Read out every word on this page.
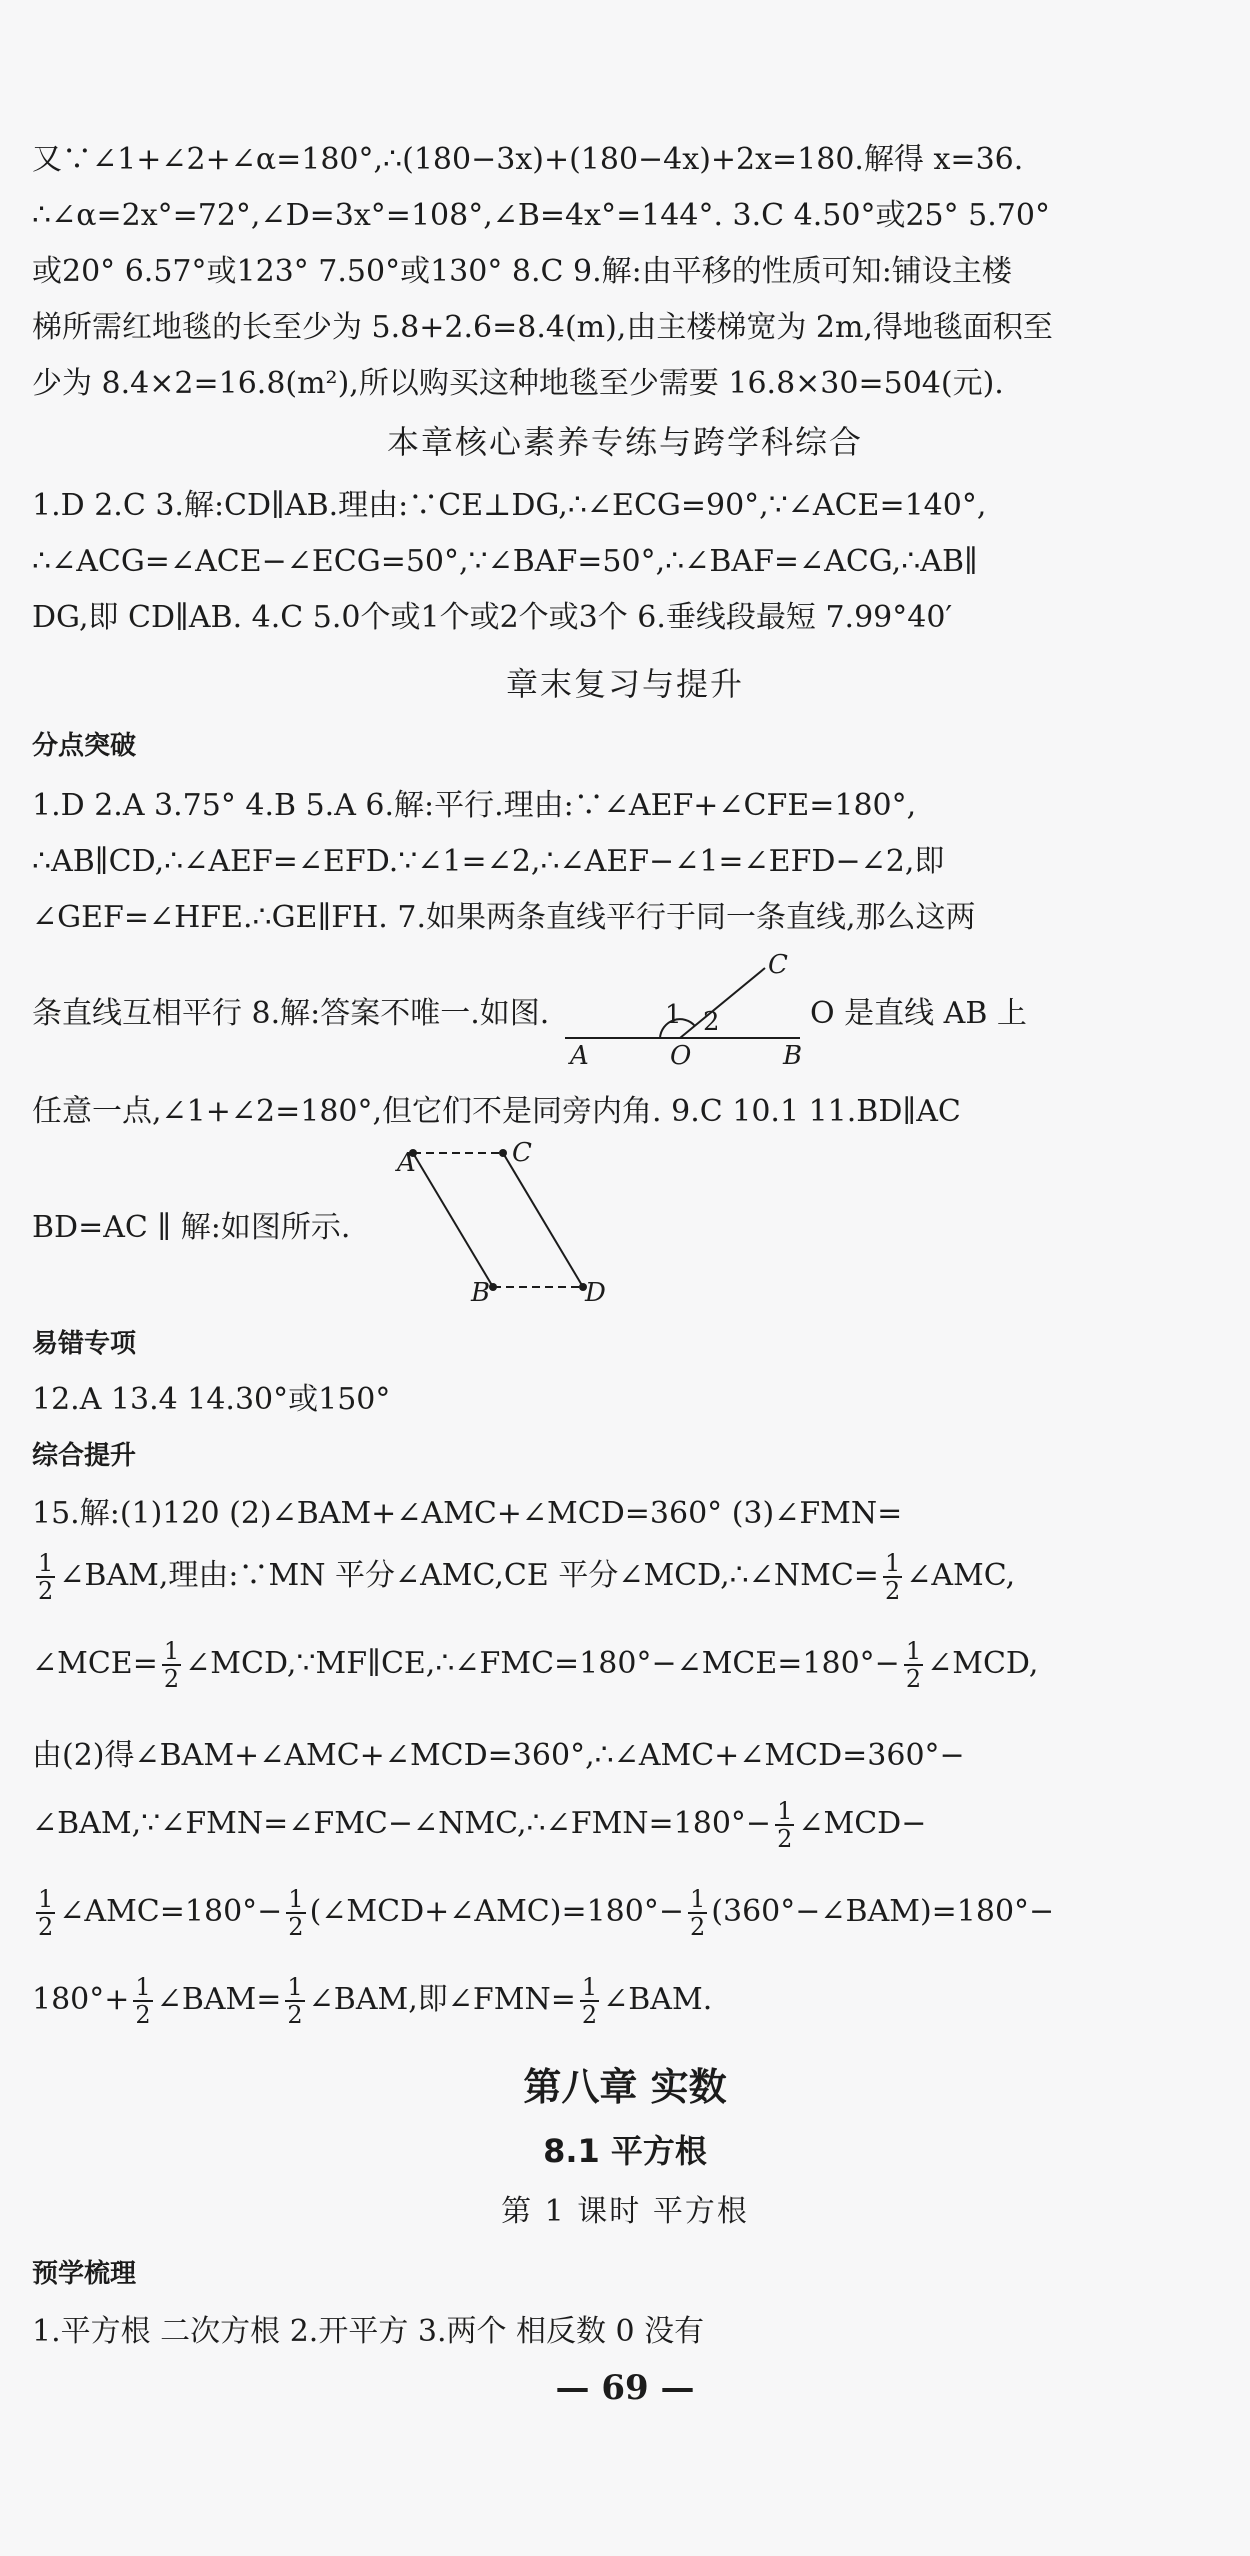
又∵∠1+∠2+∠α=180°,∴(180−3x)+(180−4x)+2x=180.解得 x=36.
∴∠α=2x°=72°,∠D=3x°=108°,∠B=4x°=144°. 3.C 4.50°或25° 5.70°
或20° 6.57°或123° 7.50°或130° 8.C 9.解:由平移的性质可知:铺设主楼
梯所需红地毯的长至少为 5.8+2.6=8.4(m),由主楼梯宽为 2m,得地毯面积至
少为 8.4×2=16.8(m²),所以购买这种地毯至少需要 16.8×30=504(元).
本章核心素养专练与跨学科综合
1.D 2.C 3.解:CD∥AB.理由:∵CE⊥DG,∴∠ECG=90°,∵∠ACE=140°,
∴∠ACG=∠ACE−∠ECG=50°,∵∠BAF=50°,∴∠BAF=∠ACG,∴AB∥
DG,即 CD∥AB. 4.C 5.0个或1个或2个或3个 6.垂线段最短 7.99°40′
章末复习与提升
分点突破
1.D 2.A 3.75° 4.B 5.A 6.解:平行.理由:∵∠AEF+∠CFE=180°,
∴AB∥CD,∴∠AEF=∠EFD.∵∠1=∠2,∴∠AEF−∠1=∠EFD−∠2,即
∠GEF=∠HFE.∴GE∥FH. 7.如果两条直线平行于同一条直线,那么这两
条直线互相平行 8.解:答案不唯一.如图.	O 是直线 AB 上
A	O	B
C
1 2
任意一点,∠1+∠2=180°,但它们不是同旁内角. 9.C 10.1 11.BD∥AC
A	C
B	D
BD=AC ∥ 解:如图所示.
易错专项
12.A 13.4 14.30°或150°
综合提升
15.解:(1)120 (2)∠BAM+∠AMC+∠MCD=360° (3)∠FMN=
$\frac{1}{2}$ ∠BAM,理由:∵MN 平分∠AMC,CE 平分∠MCD,∴∠NMC= $\frac{1}{2}$ ∠AMC,
∠MCE= $\frac{1}{2}$ ∠MCD,∵MF∥CE,∴∠FMC=180°−∠MCE=180°− $\frac{1}{2}$ ∠MCD,
由(2)得∠BAM+∠AMC+∠MCD=360°,∴∠AMC+∠MCD=360°−
∠BAM,∵∠FMN=∠FMC−∠NMC,∴∠FMN=180°− $\frac{1}{2}$ ∠MCD−
$\frac{1}{2}$ ∠AMC=180°− $\frac{1}{2}$ (∠MCD+∠AMC)=180°− $\frac{1}{2}$ (360°−∠BAM)=180°−
$180^\circ+ \frac{1}{2}$ ∠BAM= $\frac{1}{2}$ ∠BAM,即∠FMN= $\frac{1}{2}$ ∠BAM.
第八章 实数
8.1 平方根
第 1 课时 平方根
预学梳理
1.平方根 二次方根 2.开平方 3.两个 相反数 0 没有
— 69 —
